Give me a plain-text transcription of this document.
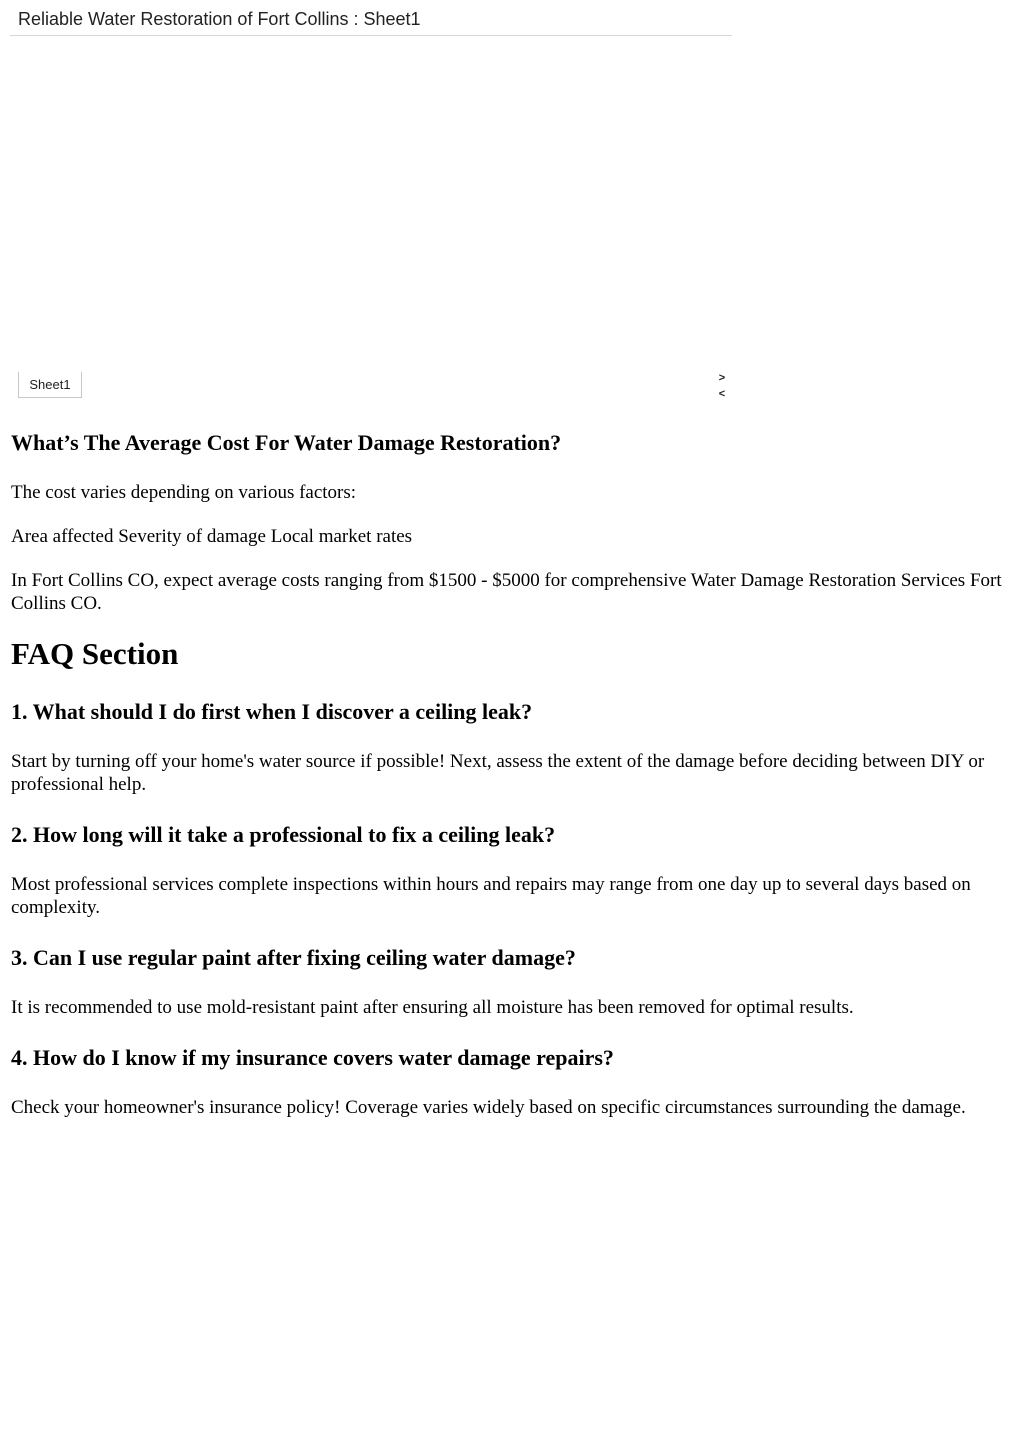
Reliable Water Restoration of Fort Collins : Sheet1
Sheet1	>
<
What’s The Average Cost For Water Damage Restoration?

The cost varies depending on various factors:

Area affected Severity of damage Local market rates

In Fort Collins CO, expect average costs ranging from $1500 - $5000 for comprehensive Water Damage Restoration Services Fort Collins CO.

FAQ Section
1. What should I do first when I discover a ceiling leak?

Start by turning off your home's water source if possible! Next, assess the extent of the damage before deciding between DIY or professional help.

2. How long will it take a professional to fix a ceiling leak?

Most professional services complete inspections within hours and repairs may range from one day up to several days based on complexity.

3. Can I use regular paint after fixing ceiling water damage?

It is recommended to use mold-resistant paint after ensuring all moisture has been removed for optimal results.

4. How do I know if my insurance covers water damage repairs?

Check your homeowner's insurance policy! Coverage varies widely based on specific circumstances surrounding the damage.
